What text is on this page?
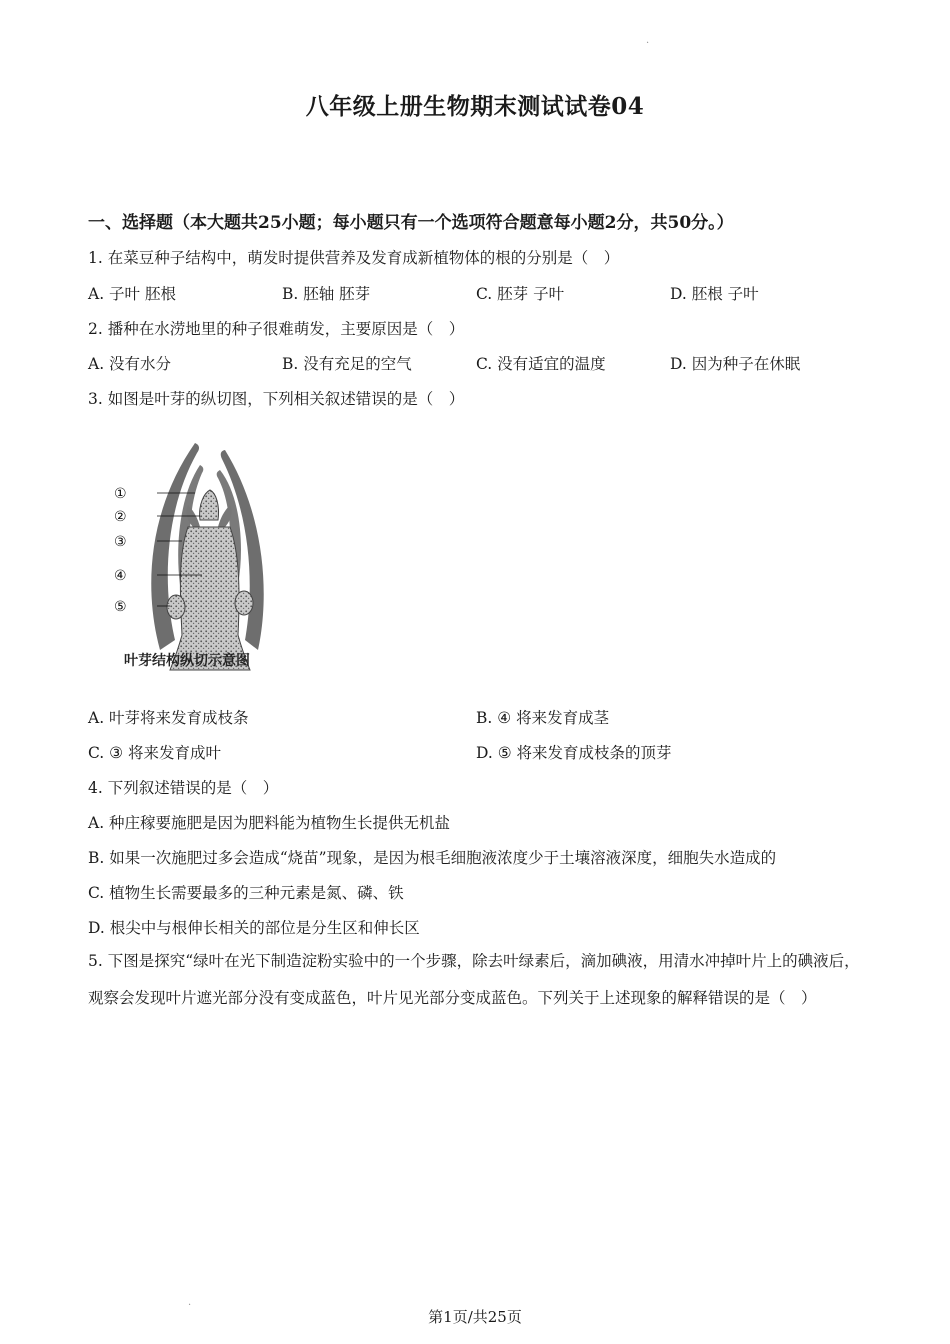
·
八年级上册生物期末测试试卷04
一、选择题（本大题共25小题；每小题只有一个选项符合题意每小题2分，共50分。）
1. 在菜豆种子结构中，萌发时提供营养及发育成新植物体的根的分别是（　）
A. 子叶 胚根	B. 胚轴 胚芽	C. 胚芽 子叶	D. 胚根 子叶
2. 播种在水涝地里的种子很难萌发，主要原因是（　）
A. 没有水分	B. 没有充足的空气	C. 没有适宜的温度	D. 因为种子在休眠
3. 如图是叶芽的纵切图，下列相关叙述错误的是（　）
①
②
③
④
⑤
叶芽结构纵切示意图
A. 叶芽将来发育成枝条	B. ④ 将来发育成茎
C. ③ 将来发育成叶	D. ⑤ 将来发育成枝条的顶芽
4. 下列叙述错误的是（　）
A. 种庄稼要施肥是因为肥料能为植物生长提供无机盐
B. 如果一次施肥过多会造成“烧苗”现象，是因为根毛细胞液浓度少于土壤溶液深度，细胞失水造成的
C. 植物生长需要最多的三种元素是氮、磷、铁
D. 根尖中与根伸长相关的部位是分生区和伸长区
5. 下图是探究“绿叶在光下制造淀粉实验中的一个步骤，除去叶绿素后，滴加碘液，用清水冲掉叶片上的碘液后，观察会发现叶片遮光部分没有变成蓝色，叶片见光部分变成蓝色。下列关于上述现象的解释错误的是（　）
·
第1页/共25页
